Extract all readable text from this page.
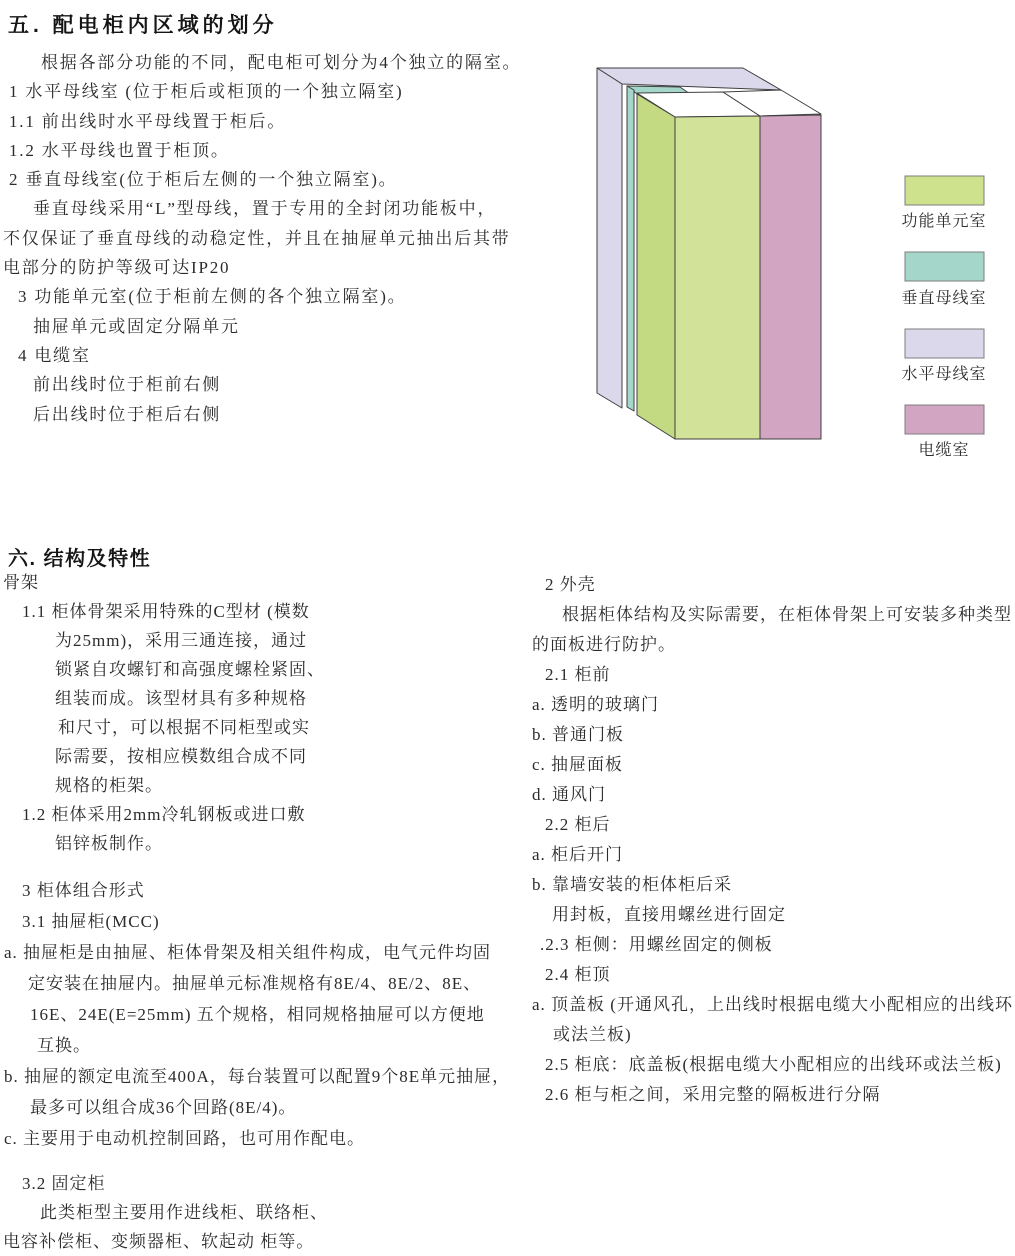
五. 配电柜内区域的划分

根据各部分功能的不同，配电柜可划分为4个独立的隔室。

1 水平母线室 (位于柜后或柜顶的一个独立隔室)

1.1 前出线时水平母线置于柜后。

1.2 水平母线也置于柜顶。

2 垂直母线室(位于柜后左侧的一个独立隔室)。

垂直母线采用“L”型母线，置于专用的全封闭功能板中，

不仅保证了垂直母线的动稳定性，并且在抽屉单元抽出后其带

电部分的防护等级可达IP20

3 功能单元室(位于柜前左侧的各个独立隔室)。

抽屉单元或固定分隔单元

4 电缆室

前出线时位于柜前右侧

后出线时位于柜后右侧

功能单元室
垂直母线室
水平母线室
电缆室
六. 结构及特性

骨架

1.1 柜体骨架采用特殊的C型材 (模数

为25mm)，采用三通连接，通过

锁紧自攻螺钉和高强度螺栓紧固、

组装而成。该型材具有多种规格

和尺寸，可以根据不同柜型或实

际需要，按相应模数组合成不同

规格的柜架。

1.2 柜体采用2mm冷轧钢板或进口敷

铝锌板制作。

3 柜体组合形式

3.1 抽屉柜(MCC)

a. 抽屉柜是由抽屉、柜体骨架及相关组件构成，电气元件均固

定安装在抽屉内。抽屉单元标准规格有8E/4、8E/2、8E、

16E、24E(E=25mm) 五个规格，相同规格抽屉可以方便地

互换。

b. 抽屉的额定电流至400A，每台装置可以配置9个8E单元抽屉，

最多可以组合成36个回路(8E/4)。

c. 主要用于电动机控制回路，也可用作配电。

3.2 固定柜

此类柜型主要用作进线柜、联络柜、

电容补偿柜、变频器柜、软起动 柜等。

2 外壳

根据柜体结构及实际需要，在柜体骨架上可安装多种类型

的面板进行防护。

2.1 柜前

a. 透明的玻璃门

b. 普通门板

c. 抽屉面板

d. 通风门

2.2 柜后

a. 柜后开门

b. 靠墙安装的柜体柜后采

用封板，直接用螺丝进行固定

.2.3 柜侧：用螺丝固定的侧板

2.4 柜顶

a. 顶盖板 (开通风孔，上出线时根据电缆大小配相应的出线环

或法兰板)

2.5 柜底：底盖板(根据电缆大小配相应的出线环或法兰板)

2.6 柜与柜之间，采用完整的隔板进行分隔
